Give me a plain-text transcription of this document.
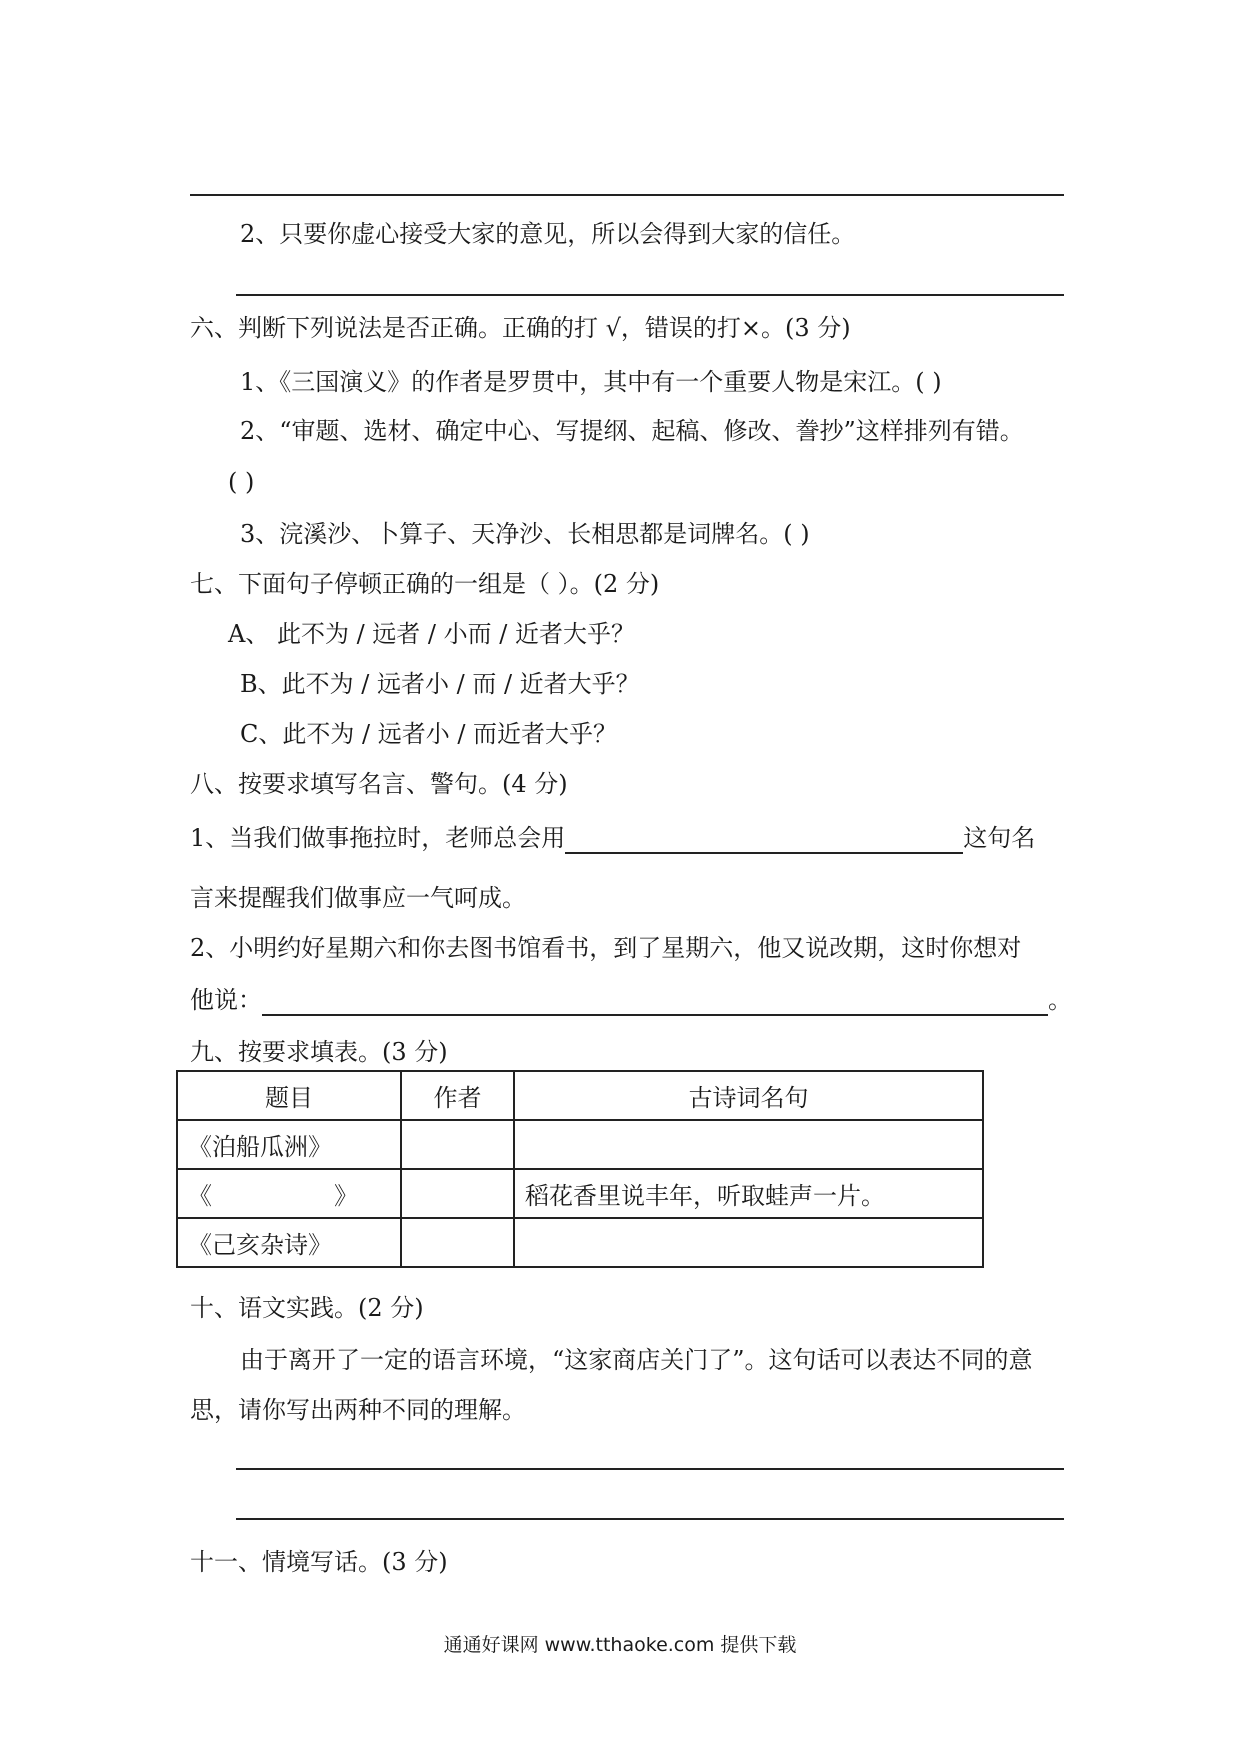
2、只要你虚心接受大家的意见，所以会得到大家的信任。
六、判断下列说法是否正确。正确的打 √，错误的打×。(3 分)
1、《三国演义》的作者是罗贯中，其中有一个重要人物是宋江。( )
2、“审题、选材、确定中心、写提纲、起稿、修改、誊抄”这样排列有错。
( )
3、浣溪沙、卜算子、天净沙、长相思都是词牌名。( )
七、下面句子停顿正确的一组是（ ）。(2 分)
A、 此不为 / 远者 / 小而 / 近者大乎？
B、此不为 / 远者小 / 而 / 近者大乎？
C、此不为 / 远者小 / 而近者大乎？
八、按要求填写名言、警句。(4 分)
1、当我们做事拖拉时，老师总会用	这句名
言来提醒我们做事应一气呵成。
2、小明约好星期六和你去图书馆看书，到了星期六，他又说改期，这时你想对
他说：	。
九、按要求填表。(3 分)
题目	作者	古诗词名句
《泊船瓜洲》		
《                》		稻花香里说丰年，听取蛙声一片。
《己亥杂诗》		
十、语文实践。(2 分)
由于离开了一定的语言环境，“这家商店关门了”。这句话可以表达不同的意
思，请你写出两种不同的理解。
十一、情境写话。(3 分)
通通好课网 www.tthaoke.com 提供下载
